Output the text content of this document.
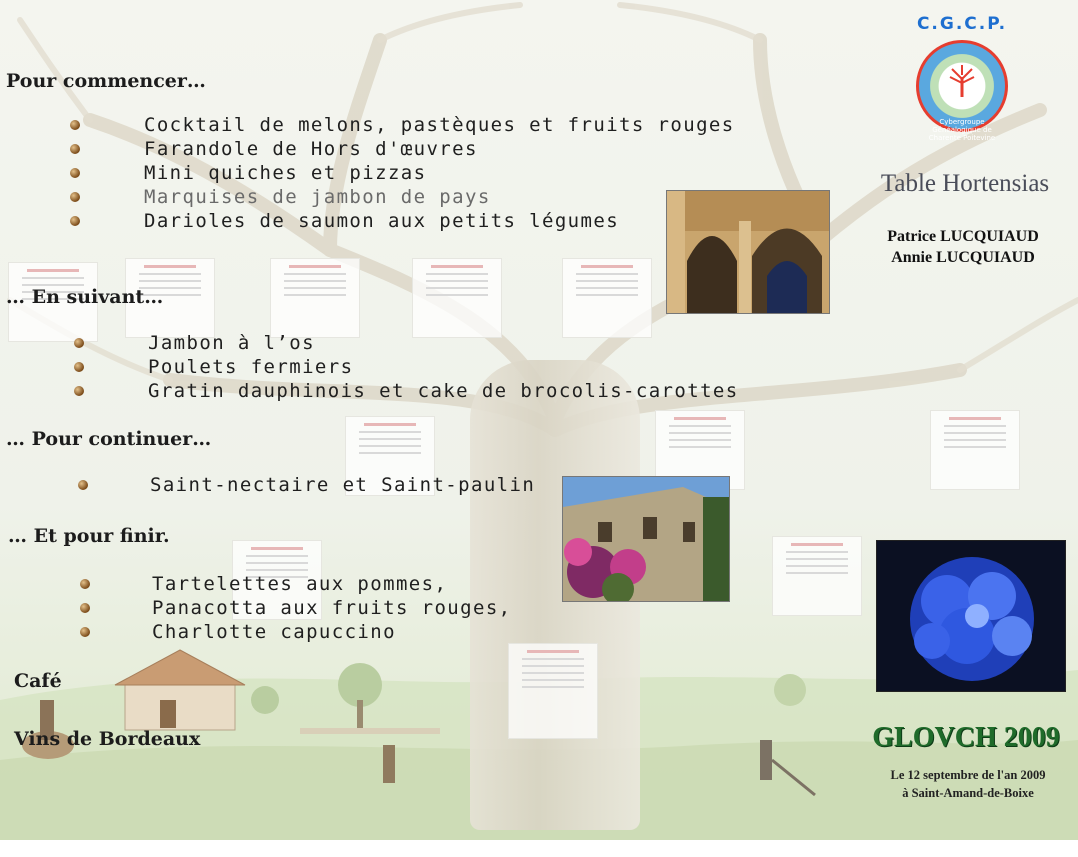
Pour commencer…
Cocktail de melons, pastèques et fruits rouges
Farandole de Hors d'œuvres
Mini quiches et pizzas
Marquises de jambon de pays
Darioles de saumon aux petits légumes
… En suivant…
Jambon à l’os
Poulets fermiers
Gratin dauphinois et cake de brocolis-carottes
… Pour continuer…
Saint-nectaire et Saint-paulin
… Et pour finir.
Tartelettes aux pommes,
Panacotta aux fruits rouges,
Charlotte capuccino
Café
Vins de Bordeaux
C.G.C.P.
Cybergroupe Généalogique de Charente Poitevine
Table Hortensias
Patrice LUCQUIAUD
Annie LUCQUIAUD
GLOVCH 2009
Le 12 septembre de l'an 2009
à Saint-Amand-de-Boixe
